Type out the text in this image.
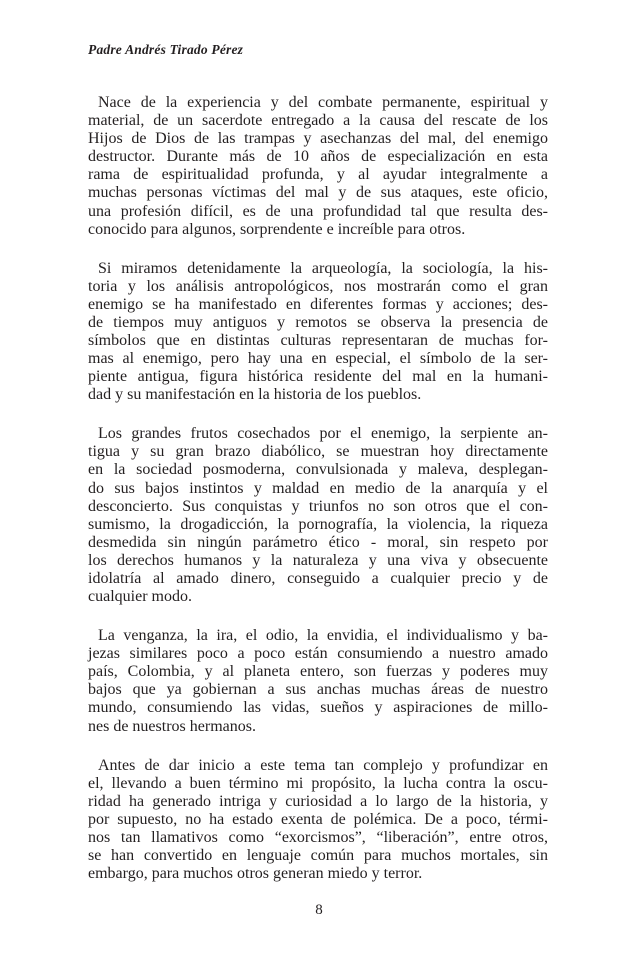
Padre Andrés Tirado Pérez
Nace de la experiencia y del combate permanente, espiritual y
material, de un sacerdote entregado a la causa del rescate de los
Hijos de Dios de las trampas y asechanzas del mal, del enemigo
destructor. Durante más de 10 años de especialización en esta
rama de espiritualidad profunda, y al ayudar integralmente a
muchas personas víctimas del mal y de sus ataques, este oficio,
una profesión difícil, es de una profundidad tal que resulta des-
conocido para algunos, sorprendente e increíble para otros.
Si miramos detenidamente la arqueología, la sociología, la his-
toria y los análisis antropológicos, nos mostrarán como el gran
enemigo se ha manifestado en diferentes formas y acciones; des-
de tiempos muy antiguos y remotos se observa la presencia de
símbolos que en distintas culturas representaran de muchas for-
mas al enemigo, pero hay una en especial, el símbolo de la ser-
piente antigua, figura histórica residente del mal en la humani-
dad y su manifestación en la historia de los pueblos.
Los grandes frutos cosechados por el enemigo, la serpiente an-
tigua y su gran brazo diabólico, se muestran hoy directamente
en la sociedad posmoderna, convulsionada y maleva, desplegan-
do sus bajos instintos y maldad en medio de la anarquía y el
desconcierto. Sus conquistas y triunfos no son otros que el con-
sumismo, la drogadicción, la pornografía, la violencia, la riqueza
desmedida sin ningún parámetro ético - moral, sin respeto por
los derechos humanos y la naturaleza y una viva y obsecuente
idolatría al amado dinero, conseguido a cualquier precio y de
cualquier modo.
La venganza, la ira, el odio, la envidia, el individualismo y ba-
jezas similares poco a poco están consumiendo a nuestro amado
país, Colombia, y al planeta entero, son fuerzas y poderes muy
bajos que ya gobiernan a sus anchas muchas áreas de nuestro
mundo, consumiendo las vidas, sueños y aspiraciones de millo-
nes de nuestros hermanos.
Antes de dar inicio a este tema tan complejo y profundizar en
el, llevando a buen término mi propósito, la lucha contra la oscu-
ridad ha generado intriga y curiosidad a lo largo de la historia, y
por supuesto, no ha estado exenta de polémica. De a poco, térmi-
nos tan llamativos como “exorcismos”, “liberación”, entre otros,
se han convertido en lenguaje común para muchos mortales, sin
embargo, para muchos otros generan miedo y terror.
8
